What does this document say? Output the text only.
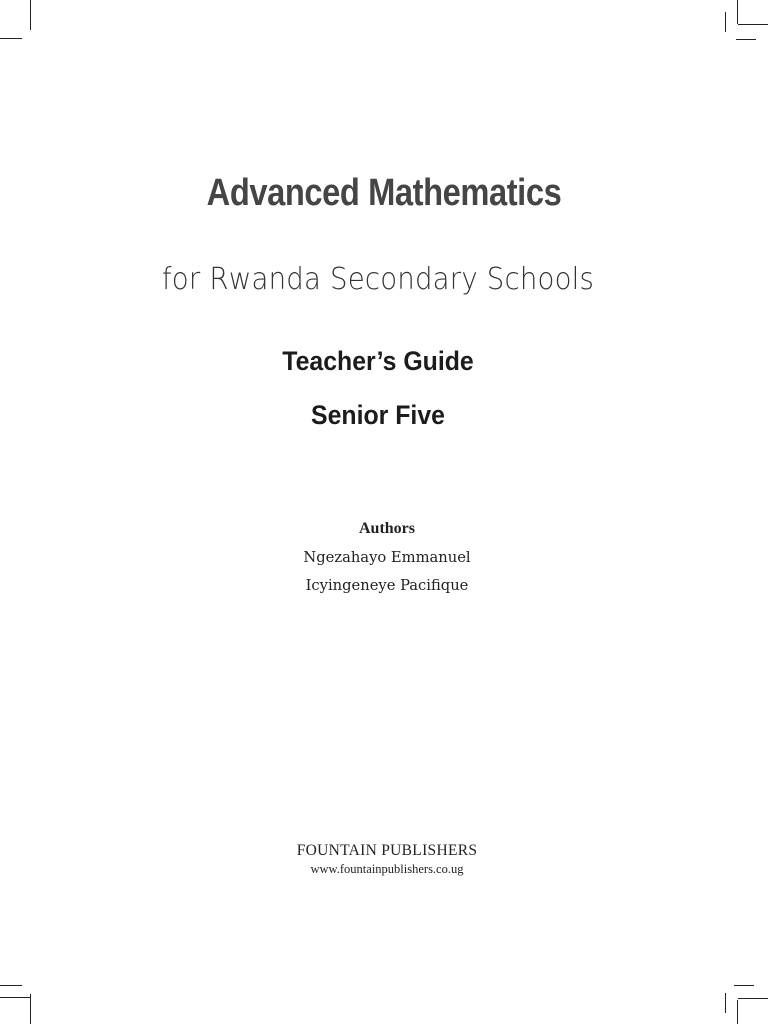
Advanced Mathematics
for Rwanda Secondary Schools
Teacher’s Guide
Senior Five
Authors
Ngezahayo Emmanuel
Icyingeneye Pacifique
FOUNTAIN PUBLISHERS
www.fountainpublishers.co.ug
